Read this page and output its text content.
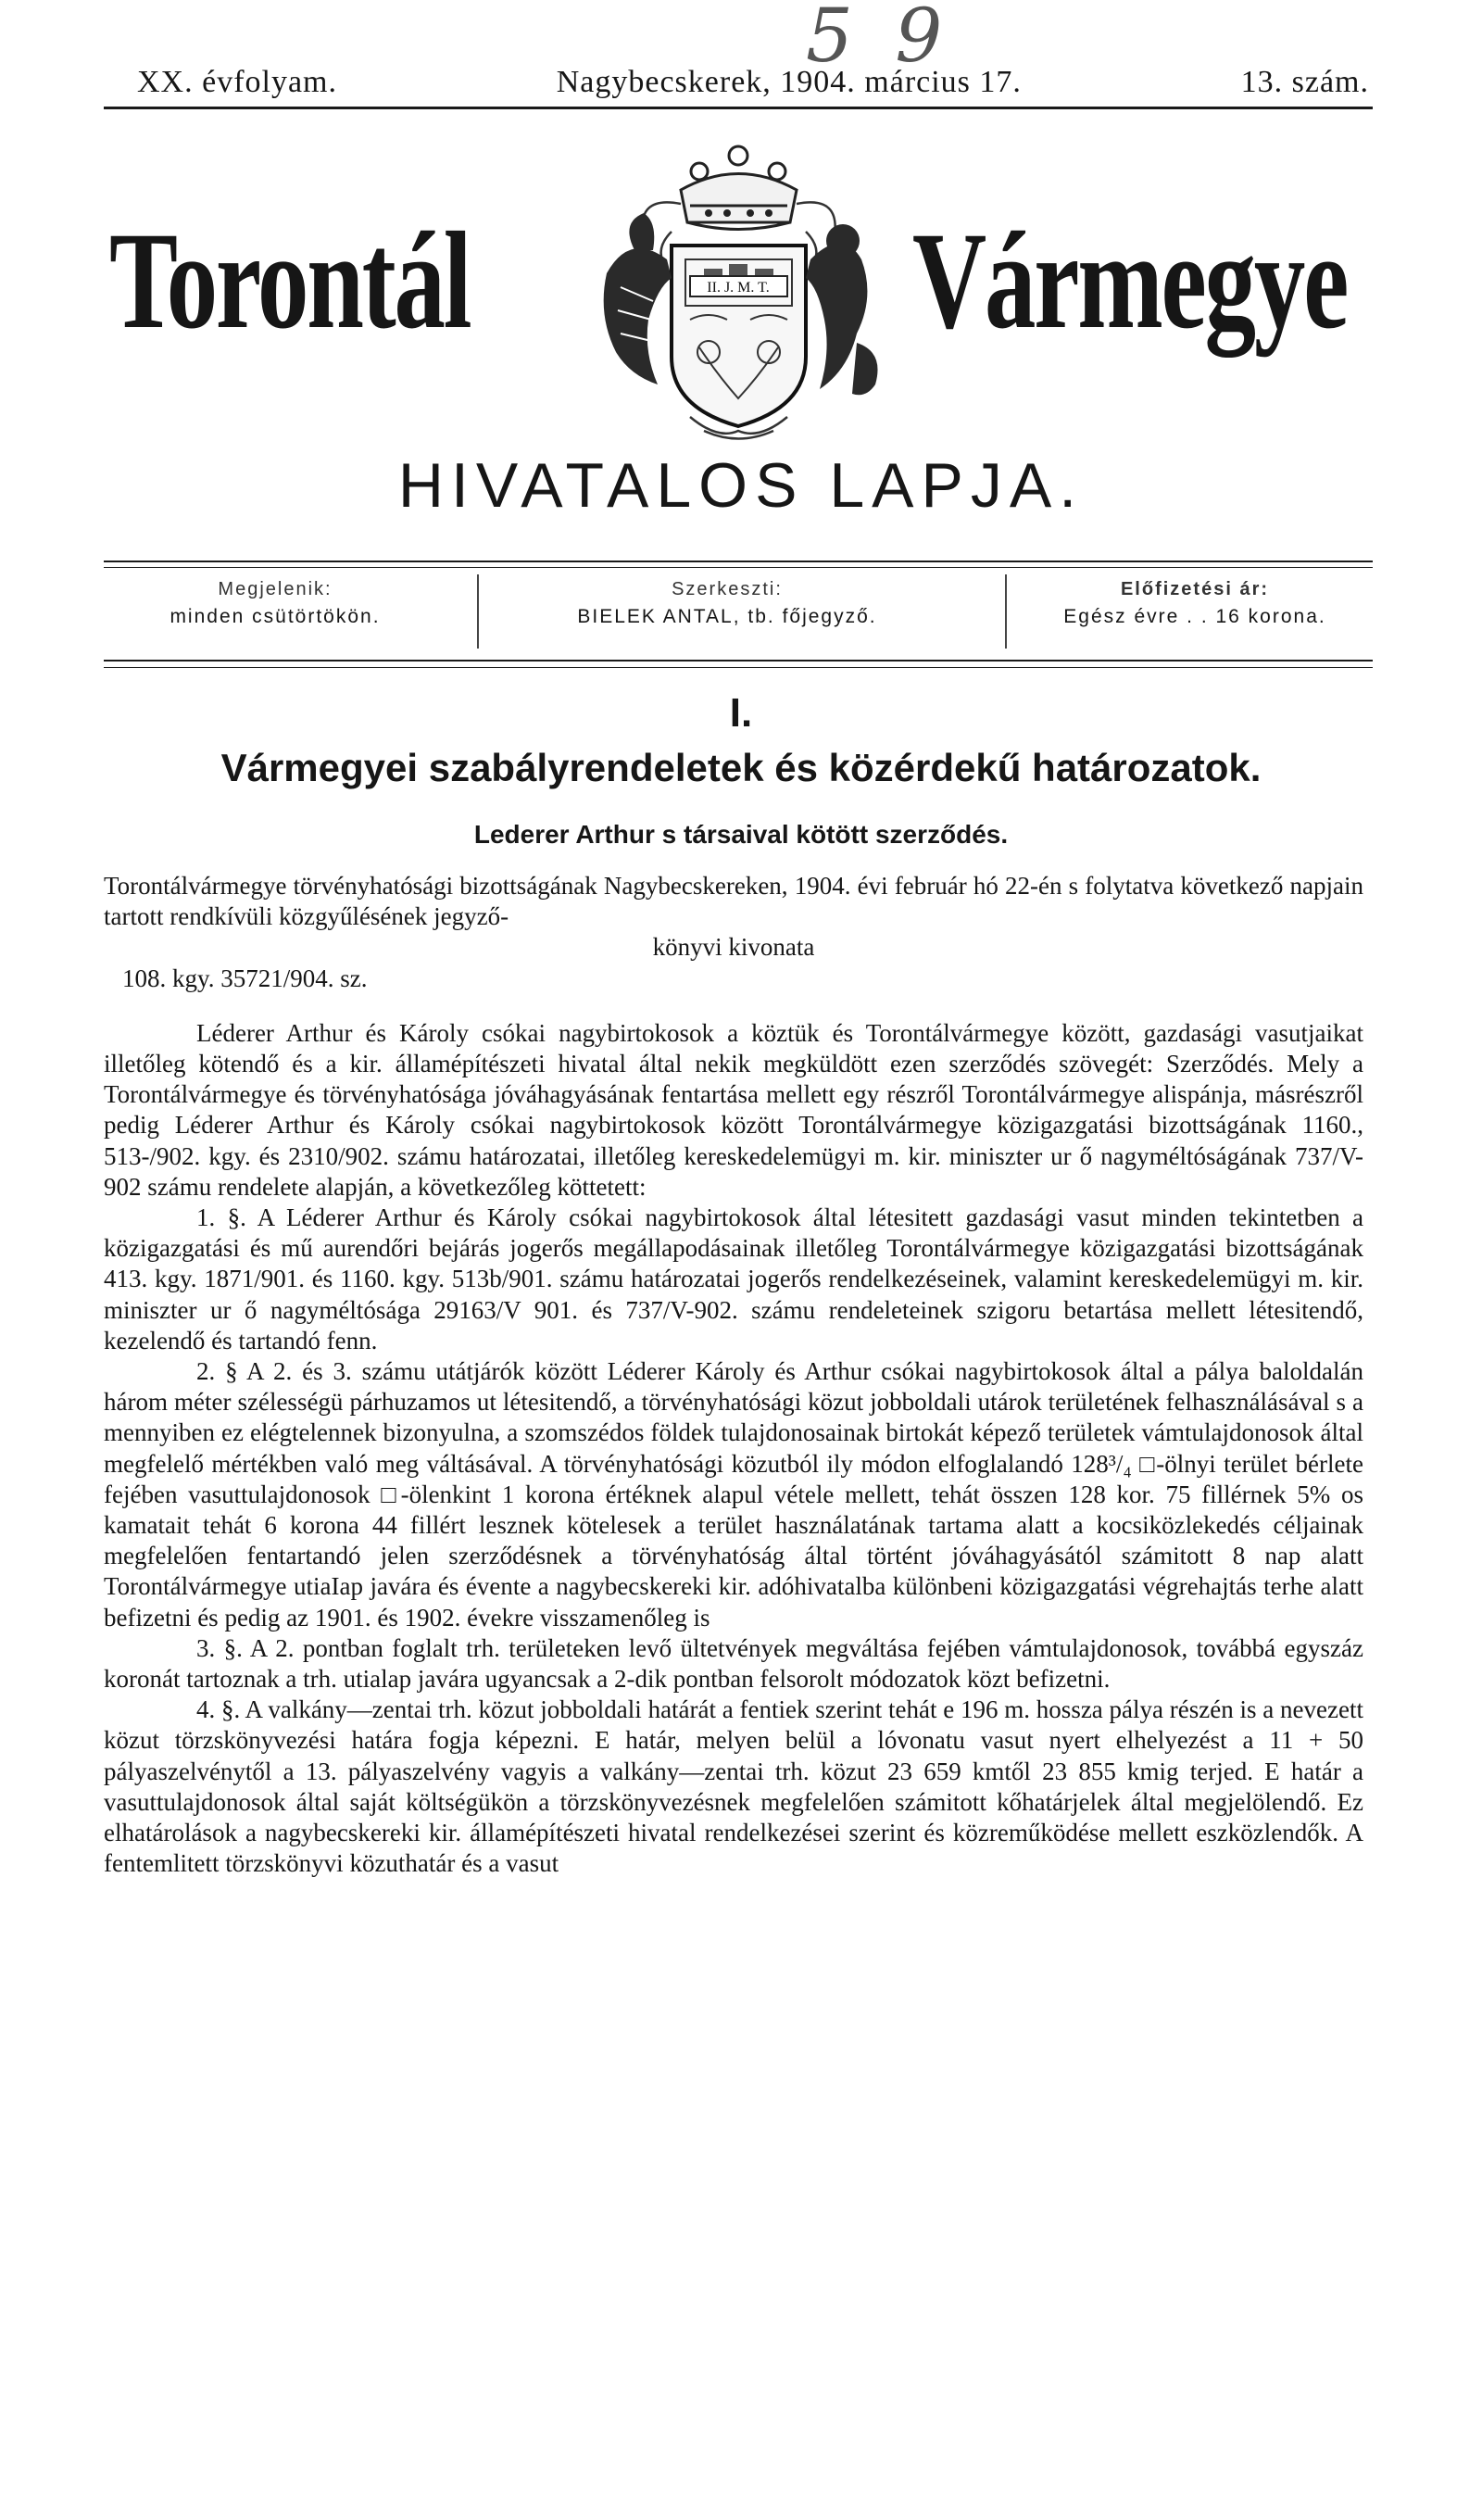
5 9
XX. évfolyam.	Nagybecskerek, 1904. március 17.	13. szám.
Torontál	Vármegye
II. J. M. T.
HIVATALOS LAPJA.
Megjelenik:
minden csütörtökön.
Szerkeszti:
BIELEK ANTAL, tb. főjegyző.
Előfizetési ár:
Egész évre . . 16 korona.
I.
Vármegyei szabályrendeletek és közérdekű határozatok.
Lederer Arthur s társaival kötött szerződés.

Torontálvármegye törvényhatósági bizottságának Nagybecskereken, 1904. évi február hó 22-én s folytatva következő napjain tartott rendkívüli közgyűlésének jegyző-

könyvi kivonata

108. kgy. 35721/904. sz.

Léderer Arthur és Károly csókai nagybirtokosok a köztük és Torontálvármegye között, gazdasági vasutjaikat illetőleg kötendő és a kir. államépítészeti hivatal által nekik megküldött ezen szerződés szövegét: Szerződés. Mely a Torontálvármegye és törvényhatósága jóváhagyásának fentartása mellett egy részről Torontálvármegye alispánja, másrészről pedig Léderer Arthur és Károly csókai nagybirtokosok között Torontálvármegye közigazgatási bizottságának 1160., 513-/902. kgy. és 2310/902. számu határozatai, illetőleg kereskedelemügyi m. kir. miniszter ur ő nagyméltóságának 737/V-902 számu rendelete alapján, a következőleg köttetett:

1. §. A Léderer Arthur és Károly csókai nagybirtokosok által létesitett gazdasági vasut minden tekintetben a közigazgatási és mű aurendőri bejárás jogerős megállapodásainak illetőleg Torontálvármegye közigazgatási bizottságának 413. kgy. 1871/901. és 1160. kgy. 513b/901. számu határozatai jogerős rendelkezéseinek, valamint kereskedelemügyi m. kir. miniszter ur ő nagyméltósága 29163/V 901. és 737/V-902. számu rendeleteinek szigoru betartása mellett létesitendő, kezelendő és tartandó fenn.

2. § A 2. és 3. számu utátjárók között Léderer Károly és Arthur csókai nagybirtokosok által a pálya baloldalán három méter szélességü párhuzamos ut létesitendő, a törvényhatósági közut jobboldali utárok területének felhasználásával s a mennyiben ez elégtelennek bizonyulna, a szomszédos földek tulajdonosainak birtokát képező területek vámtulajdonosok által megfelelő mértékben való meg váltásával. A törvényhatósági közutból ily módon elfoglalandó 128³/₄ □-ölnyi terület bérlete fejében vasuttulajdonosok □-ölenkint 1 korona értéknek alapul vétele mellett, tehát összen 128 kor. 75 fillérnek 5% os kamatait tehát 6 korona 44 fillért lesznek kötelesek a terület használatának tartama alatt a kocsiközlekedés céljainak megfelelően fentartandó jelen szerződésnek a törvényhatóság által történt jóváhagyásától számitott 8 nap alatt Torontálvármegye utiaIap javára és évente a nagybecskereki kir. adóhivatalba különbeni közigazgatási végrehajtás terhe alatt befizetni és pedig az 1901. és 1902. évekre visszamenőleg is

3. §. A 2. pontban foglalt trh. területeken levő ültetvények megváltása fejében vámtulajdonosok, továbbá egyszáz koronát tartoznak a trh. utialap javára ugyancsak a 2-dik pontban felsorolt módozatok közt befizetni.

4. §. A valkány—zentai trh. közut jobboldali határát a fentiek szerint tehát e 196 m. hossza pálya részén is a nevezett közut törzskönyvezési határa fogja képezni. E határ, melyen belül a lóvonatu vasut nyert elhelyezést a 11 + 50 pályaszelvénytől a 13. pályaszelvény vagyis a valkány—zentai trh. közut 23 659 kmtől 23 855 kmig terjed. E határ a vasuttulajdonosok által saját költségükön a törzskönyvezésnek megfelelően számitott kőhatárjelek által megjelölendő. Ez elhatárolások a nagybecskereki kir. államépítészeti hivatal rendelkezései szerint és közreműködése mellett eszközlendők. A fentemlitett törzskönyvi közuthatár és a vasut
